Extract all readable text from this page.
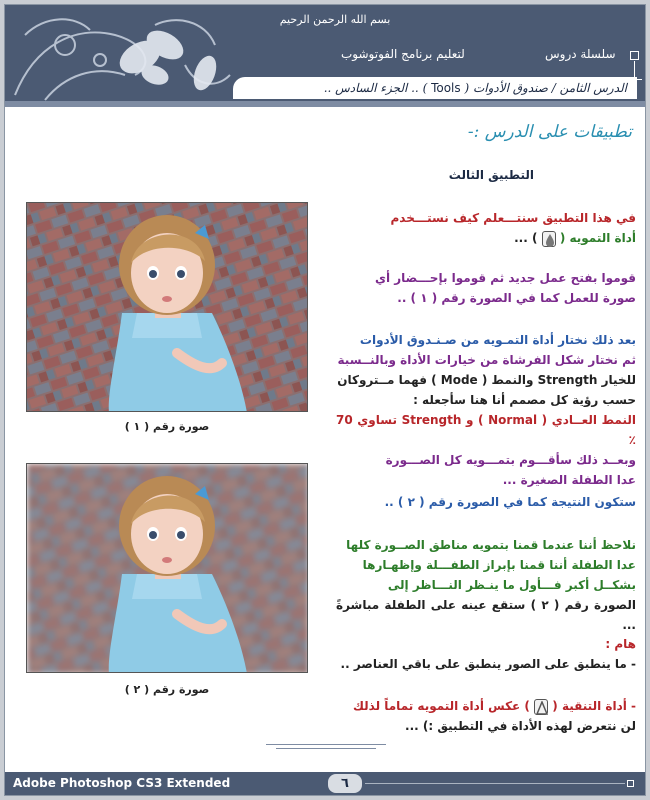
بسم الله الرحمن الرحيم
سلسلة دروس
لتعليم برنامج الفوتوشوب
الدرس الثامن / صندوق الأدوات (

Tools

) .. الجزء السادس ..
تطبيقات على الدرس :-
التطبيق الثالث
صورة رقم ( ١ )
صورة رقم ( ٢ )
في هذا التطبيق سنتـــعلم كيف نستـــخدم
أداة التمويه (
) ...
قوموا بفتح عمل جديد ثم قوموا بإحـــضار أي
صورة للعمل كما في الصورة رقم ( ١ ) ..
بعد ذلك نختار أداة التمـويه من صـنـدوق الأدوات
ثم نختار شكل الفرشاة من خيارات الأداة وبالنــسبة
للخيار Strength والنمط ( Mode ) فهما مــتروكان
حسب رؤية كل مصمم أنا هنا سأجعله :
النمط العــادي ( Normal ) و Strength تساوي 70 ٪
وبعــد ذلك سأقـــوم بتمـــويه كل الصـــورة
عدا الطفلة الصغيرة ...
ستكون النتيجة كما في الصورة رقم ( ٢ ) ..
نلاحظ أننا عندما قمنا بتمويه مناطق الصــورة كلها
عدا الطفلة أننا قمنا بإبراز الطفـــلة وإظهـارها
بشكــل أكبر فـــأول ما ينـظر النـــاظر إلى
الصورة رقم ( ٢ ) ستقع عينه على الطفلة مباشرةً ...
هام :
- ما ينطبق على الصور ينطبق على باقي العناصر ..
- أداة التنقية (
) عكس أداة التمويه تماماً لذلك
لن نتعرض لهذه الأداة في التطبيق :) ...
Adobe Photoshop CS3 Extended	٦
